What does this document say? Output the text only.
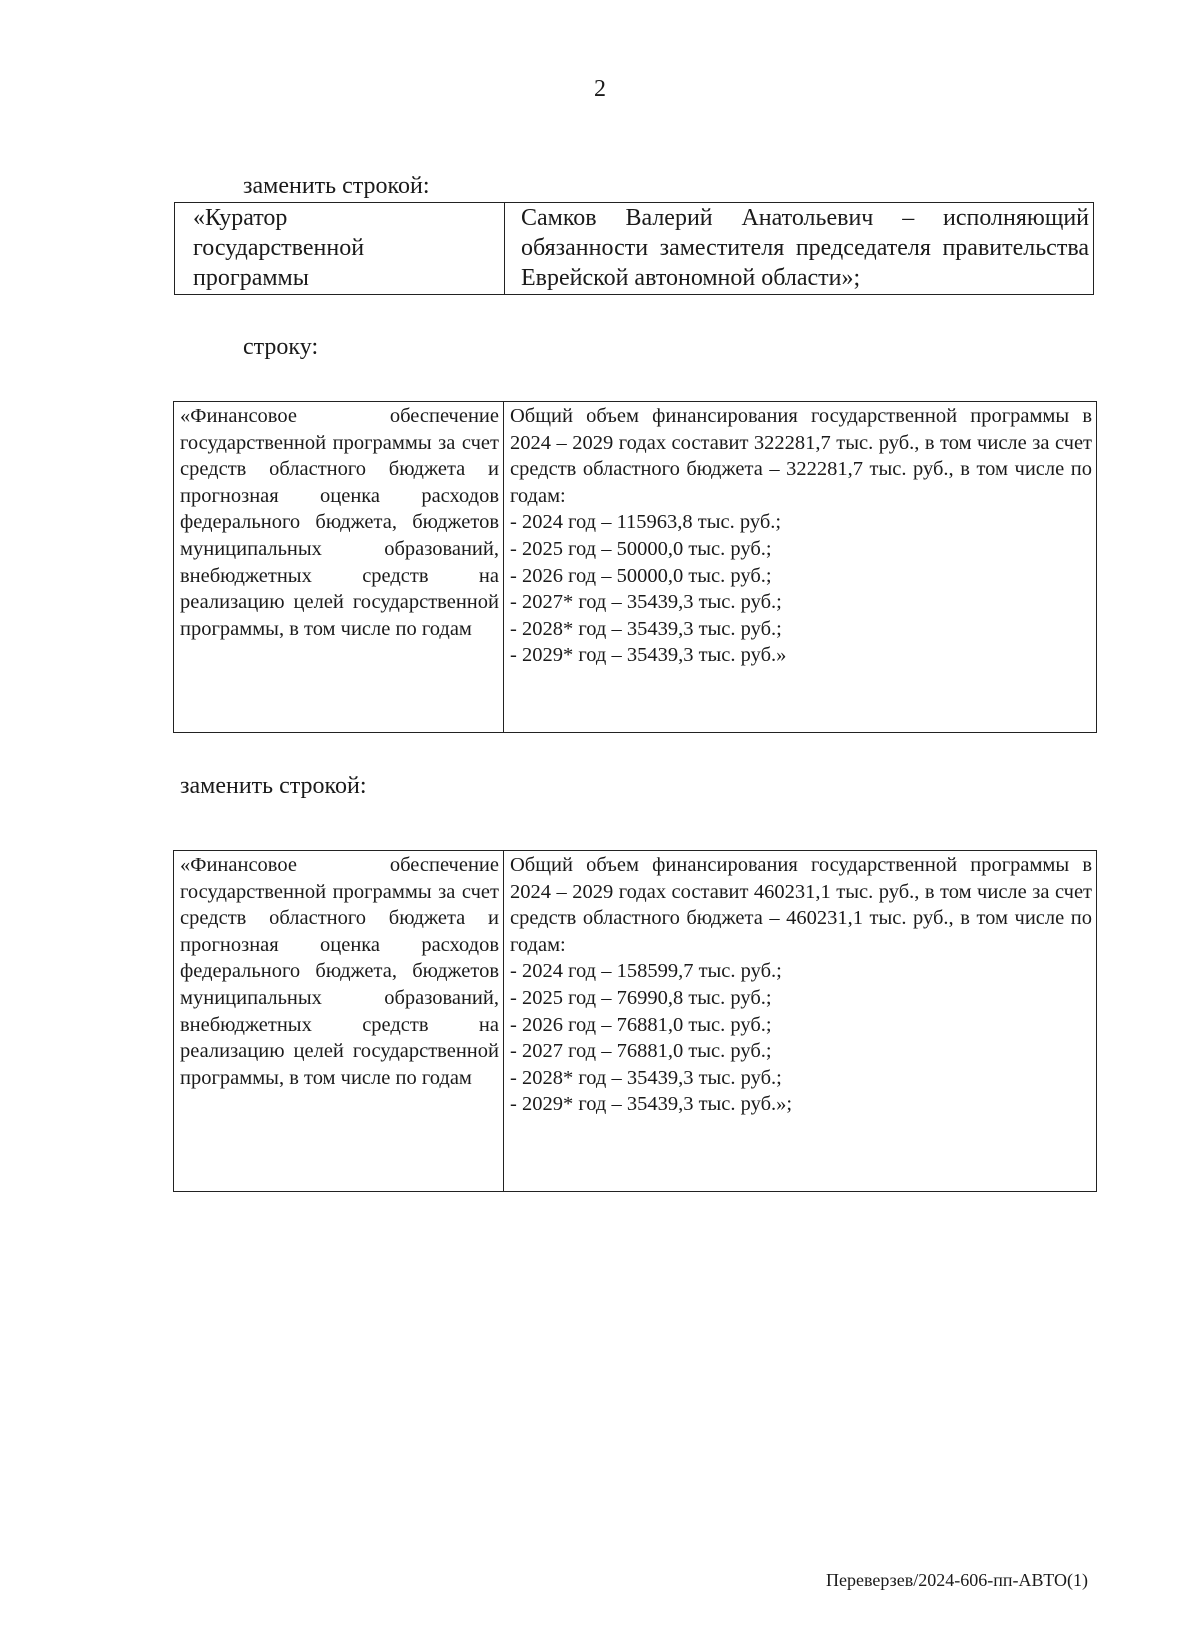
2
заменить строкой:
«Куратор
государственной
программы

Самков Валерий Анатольевич – исполняющий обязанности заместителя председателя правительства Еврейской автономной области»;

строку:

«Финансовое обеспечение государственной программы за счет средств областного бюджета и прогнозная оценка расходов федерального бюджета, бюджетов муниципальных образований, внебюджетных средств на реализацию целей государственной программы, в том числе по годам

Общий объем финансирования государственной программы в 2024 – 2029 годах составит 322281,7 тыс. руб., в том числе за счет средств областного бюджета – 322281,7 тыс. руб., в том числе по годам:

- 2024 год – 115963,8 тыс. руб.;
- 2025 год – 50000,0 тыс. руб.;
- 2026 год – 50000,0 тыс. руб.;
- 2027* год – 35439,3 тыс. руб.;
- 2028* год – 35439,3 тыс. руб.;
- 2029* год – 35439,3 тыс. руб.»
заменить строкой:

«Финансовое обеспечение государственной программы за счет средств областного бюджета и прогнозная оценка расходов федерального бюджета, бюджетов муниципальных образований, внебюджетных средств на реализацию целей государственной программы, в том числе по годам

Общий объем финансирования государственной программы в 2024 – 2029 годах составит 460231,1 тыс. руб., в том числе за счет средств областного бюджета – 460231,1 тыс. руб., в том числе по годам:

- 2024 год – 158599,7 тыс. руб.;
- 2025 год – 76990,8 тыс. руб.;
- 2026 год – 76881,0 тыс. руб.;
- 2027 год – 76881,0 тыс. руб.;
- 2028* год – 35439,3 тыс. руб.;
- 2029* год – 35439,3 тыс. руб.»;
Переверзев/2024-606-пп-АВТО(1)
